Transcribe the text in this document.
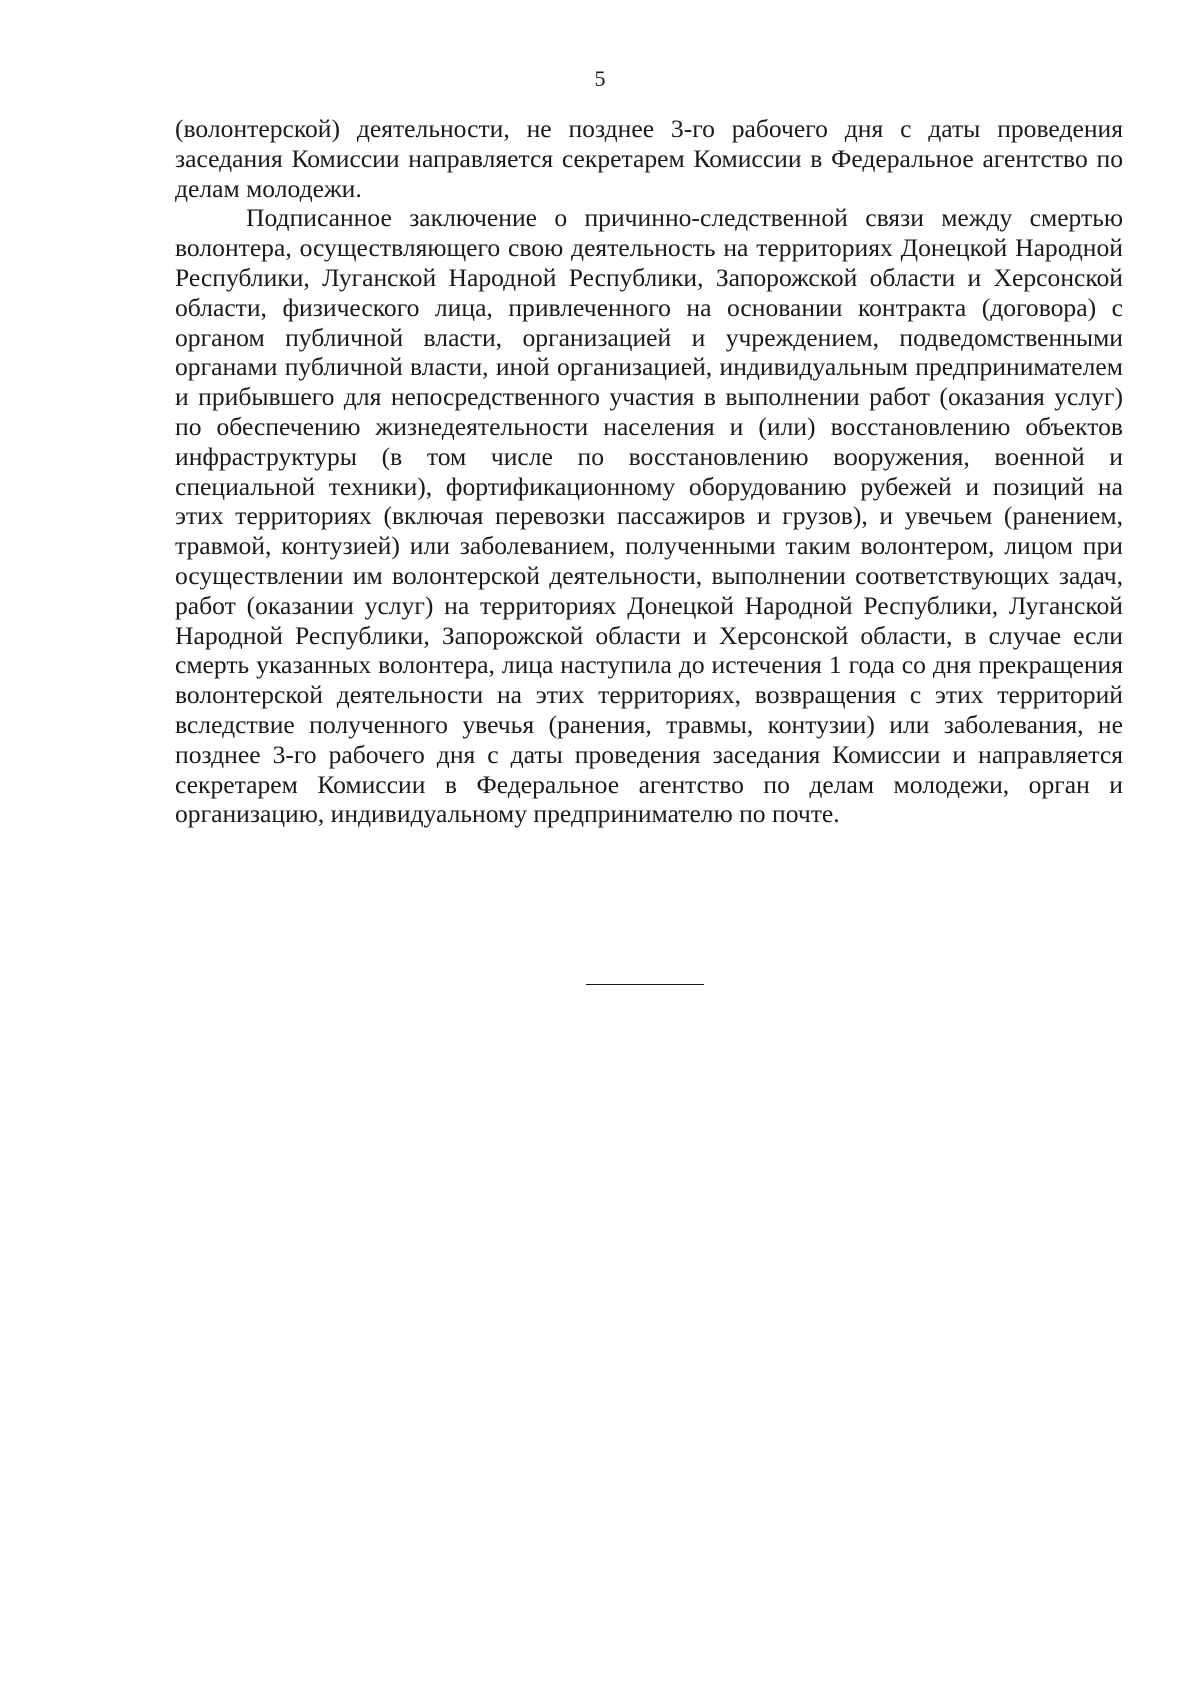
5

(волонтерской) деятельности, не позднее 3-го рабочего дня с даты проведения заседания Комиссии направляется секретарем Комиссии в Федеральное агентство по делам молодежи.

Подписанное заключение о причинно-следственной связи между смертью волонтера, осуществляющего свою деятельность на территориях Донецкой Народной Республики, Луганской Народной Республики, Запорожской области и Херсонской области, физического лица, привлеченного на основании контракта (договора) с органом публичной власти, организацией и учреждением, подведомственными органами публичной власти, иной организацией, индивидуальным предпринимателем и прибывшего для непосредственного участия в выполнении работ (оказания услуг) по обеспечению жизнедеятельности населения и (или) восстановлению объектов инфраструктуры (в том числе по восстановлению вооружения, военной и специальной техники), фортификационному оборудованию рубежей и позиций на этих территориях (включая перевозки пассажиров и грузов), и увечьем (ранением, травмой, контузией) или заболеванием, полученными таким волонтером, лицом при осуществлении им волонтерской деятельности, выполнении соответствующих задач, работ (оказании услуг) на территориях Донецкой Народной Республики, Луганской Народной Республики, Запорожской области и Херсонской области, в случае если смерть указанных волонтера, лица наступила до истечения 1 года со дня прекращения волонтерской деятельности на этих территориях, возвращения с этих территорий вследствие полученного увечья (ранения, травмы, контузии) или заболевания, не позднее 3-го рабочего дня с даты проведения заседания Комиссии и направляется секретарем Комиссии в Федеральное агентство по делам молодежи, орган и организацию, индивидуальному предпринимателю по почте.
